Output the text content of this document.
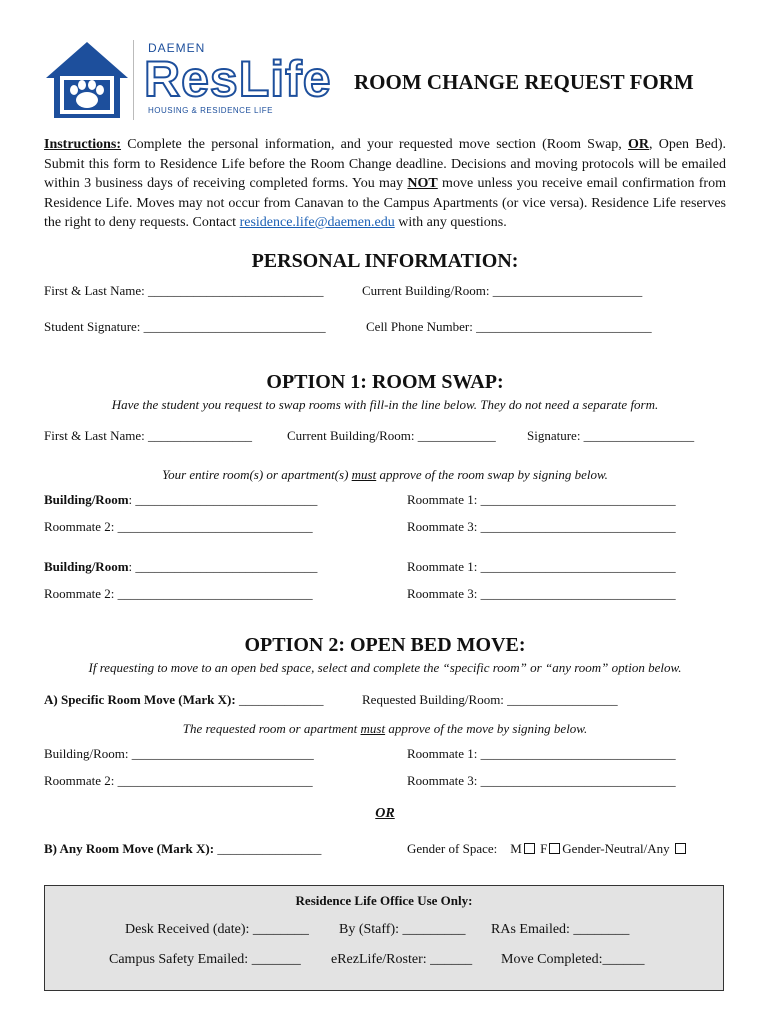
DAEMEN
ResLife
HOUSING & RESIDENCE LIFE
ROOM CHANGE REQUEST FORM
Instructions: Complete the personal information, and your requested move section (Room Swap, OR, Open Bed). Submit this form to Residence Life before the Room Change deadline. Decisions and moving protocols will be emailed within 3 business days of receiving completed forms. You may NOT move unless you receive email confirmation from Residence Life. Moves may not occur from Canavan to the Campus Apartments (or vice versa). Residence Life reserves the right to deny requests. Contact residence.life@daemen.edu with any questions.
PERSONAL INFORMATION:
First & Last Name: ___________________________	Current Building/Room: _______________________
Student Signature: ____________________________	Cell Phone Number: ___________________________
OPTION 1: ROOM SWAP:
Have the student you request to swap rooms with fill-in the line below. They do not need a separate form.
First & Last Name: ________________	Current Building/Room: ____________ Signature: _________________
Your entire room(s) or apartment(s) must approve of the room swap by signing below.
Building/Room: ____________________________	Roommate 1: ______________________________
Roommate 2: ______________________________	Roommate 3: ______________________________
Building/Room: ____________________________	Roommate 1: ______________________________
Roommate 2: ______________________________	Roommate 3: ______________________________
OPTION 2: OPEN BED MOVE:
If requesting to move to an open bed space, select and complete the “specific room” or “any room” option below.
A) Specific Room Move (Mark X): _____________	Requested Building/Room: _________________
The requested room or apartment must approve of the move by signing below.
Building/Room: ____________________________	Roommate 1: ______________________________
Roommate 2: ______________________________	Roommate 3: ______________________________
OR
B) Any Room Move (Mark X): ________________	Gender of Space: M F Gender-Neutral/Any
Residence Life Office Use Only:
Desk Received (date): ________ By (Staff): _________ RAs Emailed: ________
Campus Safety Emailed: _______ eRezLife/Roster: ______ Move Completed:______
